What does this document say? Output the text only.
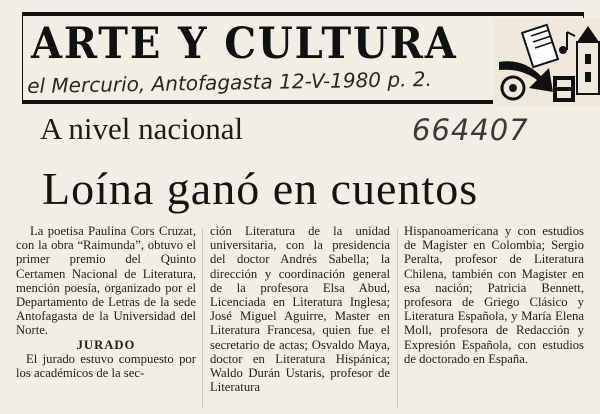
ARTE Y CULTURA
el Mercurio, Antofagasta 12-V-1980 p. 2.
A nivel nacional	664407
Loína ganó en cuentos

La poetisa Paulina Cors Cruzat, con la obra “Raimunda”, obtuvo el primer premio del Quinto Certamen Nacional de Literatura, mención poesía, organizado por el Departamento de Letras de la sede Antofagasta de la Universidad del Norte.

JURADO

El jurado estuvo compuesto por los académicos de la sec-

ción Literatura de la unidad universitaria, con la presidencia del doctor Andrés Sabella; la dirección y coordinación general de la profesora Elsa Abud, Licenciada en Literatura Inglesa; José Miguel Aguirre, Master en Literatura Francesa, quien fue el secretario de actas; Osvaldo Maya, doctor en Literatura Hispánica; Waldo Durán Ustaris, profesor de Literatura

Hispanoamericana y con estudios de Magister en Colombia; Sergio Peralta, profesor de Literatura Chilena, también con Magister en esa nación; Patricia Bennett, profesora de Griego Clásico y Literatura Española, y María Elena Moll, profesora de Redacción y Expresión Española, con estudios de doctorado en España.
